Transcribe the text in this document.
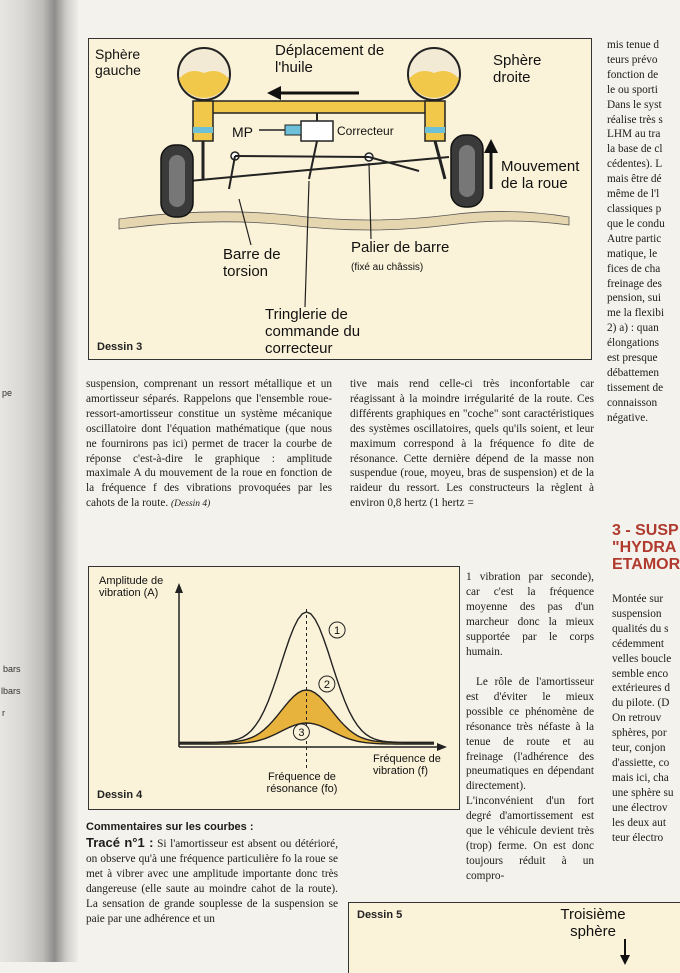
pe
bars
lbars
r
Sphère gauche
Déplacement de l'huile	Sphère droite
MP	Correcteur
Mouvement de la roue
Barre de torsion
Palier de barre (fixé au châssis)
Tringlerie de commande du correcteur
Dessin 3

suspension, comprenant un ressort métallique et un amortisseur séparés. Rappelons que l'ensemble roue-ressort-amortisseur constitue un système mécanique oscillatoire dont l'équation mathématique (que nous ne fournirons pas ici) permet de tracer la courbe de réponse c'est-à-dire le graphique : amplitude maximale A du mouvement de la roue en fonction de la fréquence f des vibrations provoquées par les cahots de la route. (Dessin 4)

tive mais rend celle-ci très inconfortable car réagissant à la moindre irrégularité de la route. Ces différents graphiques en "coche" sont caractéristiques des systèmes oscillatoires, quels qu'ils soient, et leur maximum correspond à la fréquence fo dite de résonance. Cette dernière dépend de la masse non suspendue (roue, moyeu, bras de suspension) et de la raideur du ressort. Les constructeurs la règlent à environ 0,8 hertz (1 hertz =

1
2
3
Amplitude de vibration (A)
Fréquence de vibration (f)
Fréquence de résonance (fo)
Dessin 4

1 vibration par seconde), car c'est la fréquence moyenne des pas d'un marcheur donc la mieux supportée par le corps humain.

Le rôle de l'amortisseur est d'éviter le mieux possible ce phénomène de résonance très néfaste à la tenue de route et au freinage (l'adhérence des pneumatiques en dépendant directement). L'inconvénient d'un fort degré d'amortissement est que le véhicule devient très (trop) ferme. On est donc toujours réduit à un compro-

Commentaires sur les courbes :

Tracé n°1 : Si l'amortisseur est absent ou détérioré, on observe qu'à une fréquence particulière fo la roue se met à vibrer avec une amplitude importante donc très dangereuse (elle saute au moindre cahot de la route). La sensation de grande souplesse de la suspension se paie par une adhérence et un	Dessin 5	Troisième sphère
mis tenue d
teurs prévo
fonction de
le ou sporti
Dans le syst
réalise très s
LHM au tra
la base de cl
cédentes). L
mais être dé
même de l'l
classiques p
que le condu
Autre partic
matique, le
fices de cha
freinage des
pension, sui
me la flexibi
2) a) : quan
élongations
est presque
débattemen
tissement de
connaisson
négative.
3 - SUSP
"HYDRA
ETAMOR
Montée sur
suspension
qualités du s
cédemment
velles boucle
semble enco
extérieures d
du pilote. (D
On retrouv
sphères, por
teur, conjon
d'assiette, co
mais ici, cha
une sphère su
une électrov
les deux aut
teur électro
